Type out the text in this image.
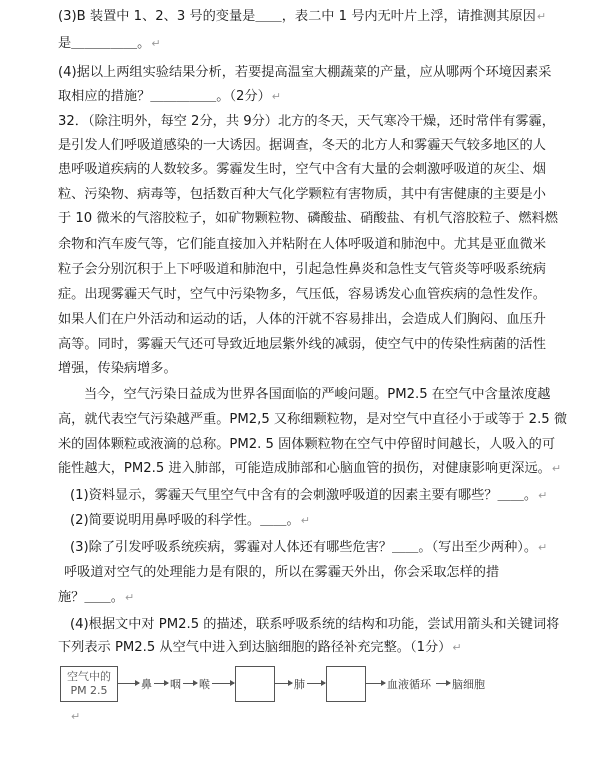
(3)B 装置中 1、2、3 号的变量是＿＿，表二中 1 号内无叶片上浮，请推测其原因↵
是＿＿＿＿＿。↵
(4)据以上两组实验结果分析，若要提高温室大棚蔬菜的产量，应从哪两个环境因素采
取相应的措施？＿＿＿＿＿。（2分）↵
32．（除注明外，每空 2分，共 9分）北方的冬天，天气寒冷干燥，还时常伴有雾霾，
是引发人们呼吸道感染的一大诱因。据调查，冬天的北方人和雾霾天气较多地区的人
患呼吸道疾病的人数较多。雾霾发生时，空气中含有大量的会刺激呼吸道的灰尘、烟
粒、污染物、病毒等，包括数百种大气化学颗粒有害物质，其中有害健康的主要是小
于 10 微米的气溶胶粒子，如矿物颗粒物、磷酸盐、硝酸盐、有机气溶胶粒子、燃料燃
余物和汽车废气等，它们能直接加入并粘附在人体呼吸道和肺泡中。尤其是亚血微米
粒子会分别沉积于上下呼吸道和肺泡中，引起急性鼻炎和急性支气管炎等呼吸系统病
症。出现雾霾天气时，空气中污染物多，气压低，容易诱发心血管疾病的急性发作。
如果人们在户外活动和运动的话，人体的汗就不容易排出，会造成人们胸闷、血压升
高等。同时，雾霾天气还可导致近地层紫外线的减弱，使空气中的传染性病菌的活性
增强，传染病增多。
当今，空气污染日益成为世界各国面临的严峻问题。PM2.5 在空气中含量浓度越
高，就代表空气污染越严重。PM2,5 又称细颗粒物，是对空气中直径小于或等于 2.5 微
米的固体颗粒或液滴的总称。PM2. 5 固体颗粒物在空气中停留时间越长，人吸入的可
能性越大，PM2.5 进入肺部，可能造成肺部和心脑血管的损伤，对健康影响更深远。↵
(1)资料显示，雾霾天气里空气中含有的会刺激呼吸道的因素主要有哪些？＿＿。↵
(2)简要说明用鼻呼吸的科学性。＿＿。↵
(3)除了引发呼吸系统疾病，雾霾对人体还有哪些危害？＿＿。（写出至少两种）。↵
呼吸道对空气的处理能力是有限的，所以在雾霾天外出，你会采取怎样的措
施？＿＿。↵
(4)根据文中对 PM2.5 的描述，联系呼吸系统的结构和功能，尝试用箭头和关键词将
下列表示 PM2.5 从空气中进入到达脑细胞的路径补充完整。（1分）↵
空气中的 PM 2.5	鼻 咽 喉	肺	血液循环 脑细胞
↵
